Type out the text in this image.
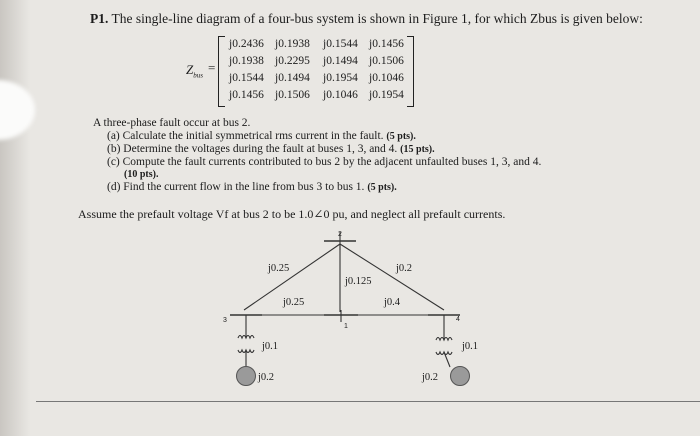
P1. The single-line diagram of a four-bus system is shown in Figure 1, for which Zbus is given below:
$Z_{bus}$
=
j0.2436 j0.1938 j0.1544 j0.1456
j0.1938 j0.2295 j0.1494 j0.1506
j0.1544 j0.1494 j0.1954 j0.1046
j0.1456 j0.1506 j0.1046 j0.1954
A three-phase fault occur at bus 2.
(a) Calculate the initial symmetrical rms current in the fault. (5 pts).
(b) Determine the voltages during the fault at buses 1, 3, and 4. (15 pts).
(c) Compute the fault currents contributed to bus 2 by the adjacent unfaulted buses 1, 3, and 4.
(10 pts).
(d) Find the current flow in the line from bus 3 to bus 1. (5 pts).
Assume the prefault voltage Vf at bus 2 to be 1.0∠0 pu, and neglect all prefault currents.
2
3
1
4
j0.25
j0.125
j0.2
j0.25	j0.4
j0.1
j0.2
j0.1
j0.2
